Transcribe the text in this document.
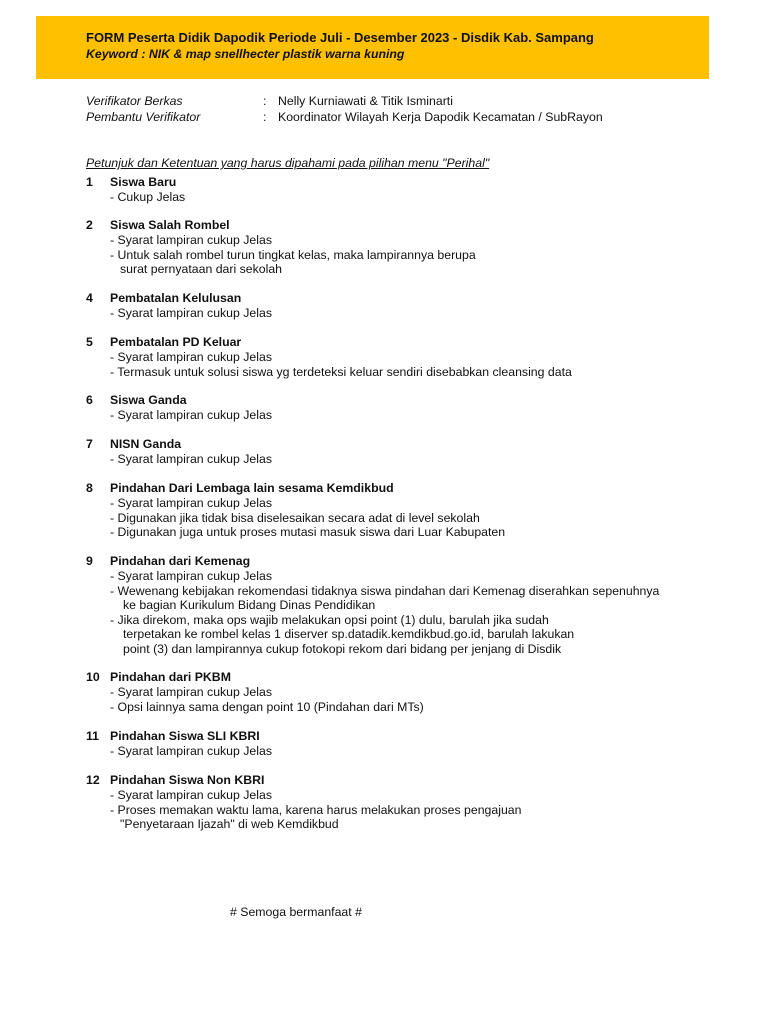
FORM Peserta Didik Dapodik Periode Juli - Desember 2023 - Disdik Kab. Sampang
Keyword : NIK & map snellhecter plastik warna kuning
Verifikator Berkas	: Nelly Kurniawati & Titik Isminarti
Pembantu Verifikator	: Koordinator Wilayah Kerja Dapodik Kecamatan / SubRayon
Petunjuk dan Ketentuan yang harus dipahami pada pilihan menu "Perihal"
1 Siswa Baru
- Cukup Jelas
2 Siswa Salah Rombel
- Syarat lampiran cukup Jelas
- Untuk salah rombel turun tingkat kelas, maka lampirannya berupa
surat pernyataan dari sekolah
4 Pembatalan Kelulusan
- Syarat lampiran cukup Jelas
5 Pembatalan PD Keluar
- Syarat lampiran cukup Jelas
- Termasuk untuk solusi siswa yg terdeteksi keluar sendiri disebabkan cleansing data
6 Siswa Ganda
- Syarat lampiran cukup Jelas
7 NISN Ganda
- Syarat lampiran cukup Jelas
8 Pindahan Dari Lembaga lain sesama Kemdikbud
- Syarat lampiran cukup Jelas
- Digunakan jika tidak bisa diselesaikan secara adat di level sekolah
- Digunakan juga untuk proses mutasi masuk siswa dari Luar Kabupaten
9 Pindahan dari Kemenag
- Syarat lampiran cukup Jelas
- Wewenang kebijakan rekomendasi tidaknya siswa pindahan dari Kemenag diserahkan sepenuhnya
ke bagian Kurikulum Bidang Dinas Pendidikan
- Jika direkom, maka ops wajib melakukan opsi point (1) dulu, barulah jika sudah
terpetakan ke rombel kelas 1 diserver sp.datadik.kemdikbud.go.id, barulah lakukan
point (3) dan lampirannya cukup fotokopi rekom dari bidang per jenjang di Disdik
10 Pindahan dari PKBM
- Syarat lampiran cukup Jelas
- Opsi lainnya sama dengan point 10 (Pindahan dari MTs)
11 Pindahan Siswa SLI KBRI
- Syarat lampiran cukup Jelas
12 Pindahan Siswa Non KBRI
- Syarat lampiran cukup Jelas
- Proses memakan waktu lama, karena harus melakukan proses pengajuan
"Penyetaraan Ijazah" di web Kemdikbud
# Semoga bermanfaat #
